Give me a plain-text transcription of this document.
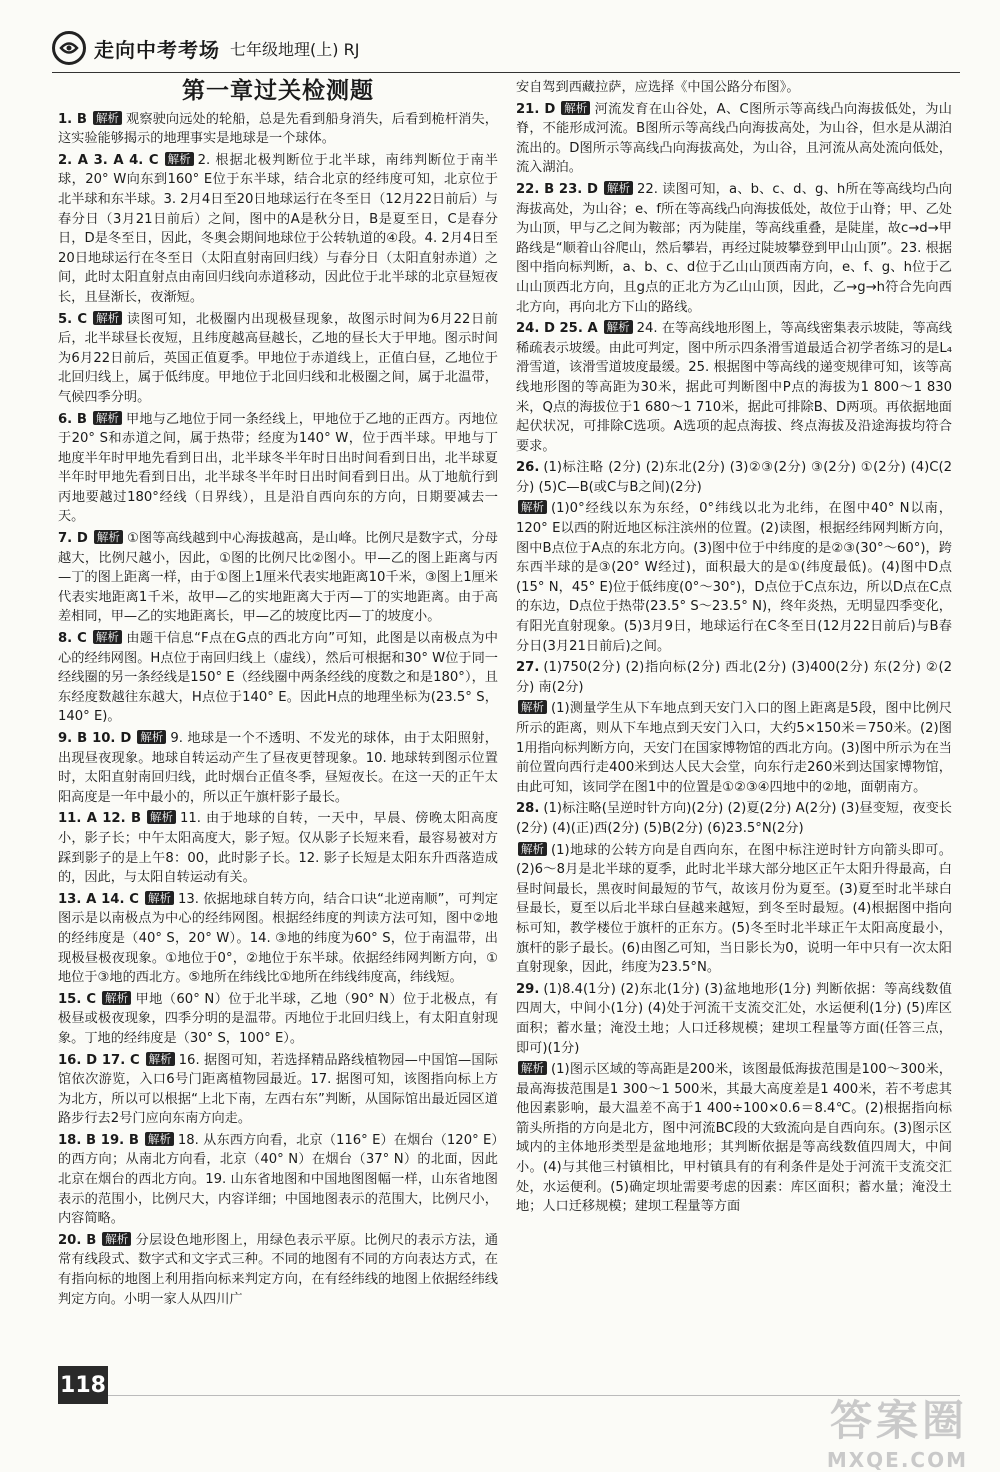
走向中考考场 七年级地理(上) RJ
第一章过关检测题
1. B 解析 观察驶向远处的轮船，总是先看到船身消失，后看到桅杆消失，这实验能够揭示的地理事实是地球是一个球体。
2. A 3. A 4. C 解析 2. 根据北极判断位于北半球，南纬判断位于南半球，20° W向东到160° E位于东半球，结合北京的经纬度可知，北京位于北半球和东半球。3. 2月4日至20日地球运行在冬至日（12月22日前后）与春分日（3月21日前后）之间，图中的A是秋分日，B是夏至日，C是春分日，D是冬至日，因此，冬奥会期间地球位于公转轨道的④段。4. 2月4日至20日地球运行在冬至日（太阳直射南回归线）与春分日（太阳直射赤道）之间，此时太阳直射点由南回归线向赤道移动，因此位于北半球的北京昼短夜长，且昼渐长，夜渐短。
5. C 解析 读图可知，北极圈内出现极昼现象，故图示时间为6月22日前后，北半球昼长夜短，且纬度越高昼越长，乙地的昼长大于甲地。图示时间为6月22日前后，英国正值夏季。甲地位于赤道线上，正值白昼，乙地位于北回归线上，属于低纬度。甲地位于北回归线和北极圈之间，属于北温带，气候四季分明。
6. B 解析 甲地与乙地位于同一条经线上，甲地位于乙地的正西方。丙地位于20° S和赤道之间，属于热带；经度为140° W，位于西半球。甲地与丁地度半年时甲地先看到日出，北半球冬半年时日出时间看到日出，北半球夏半年时甲地先看到日出，北半球冬半年时日出时间看到日出。从丁地航行到丙地要越过180°经线（日界线），且是沿自西向东的方向，日期要减去一天。
7. D 解析 ①图等高线越到中心海拔越高，是山峰。比例尺是数字式，分母越大，比例尺越小，因此，①图的比例尺比②图小。甲—乙的图上距离与丙—丁的图上距离一样，由于①图上1厘米代表实地距离10千米，③图上1厘米代表实地距离1千米，故甲—乙的实地距离大于丙—丁的实地距离。由于高差相同，甲—乙的实地距离长，甲—乙的坡度比丙—丁的坡度小。
8. C 解析 由题干信息“F点在G点的西北方向”可知，此图是以南极点为中心的经纬网图。H点位于南回归线上（虚线），然后可根据和30° W位于同一经线圈的另一条经线是150° E（经线圈中两条经线的度数之和是180°），且东经度数越往东越大，H点位于140° E。因此H点的地理坐标为(23.5° S，140° E)。
9. B 10. D 解析 9. 地球是一个不透明、不发光的球体，由于太阳照射，出现昼夜现象。地球自转运动产生了昼夜更替现象。10. 地球转到图示位置时，太阳直射南回归线，此时烟台正值冬季，昼短夜长。在这一天的正午太阳高度是一年中最小的，所以正午旗杆影子最长。
11. A 12. B 解析 11. 由于地球的自转，一天中，早晨、傍晚太阳高度小，影子长；中午太阳高度大，影子短。仅从影子长短来看，最容易被对方踩到影子的是上午8：00，此时影子长。12. 影子长短是太阳东升西落造成的，因此，与太阳自转运动有关。
13. A 14. C 解析 13. 依据地球自转方向，结合口诀“北逆南顺”，可判定图示是以南极点为中心的经纬网图。根据经纬度的判读方法可知，图中②地的经纬度是（40° S，20° W）。14. ③地的纬度为60° S，位于南温带，出现极昼极夜现象。①地位于0°，②地位于东半球。依据经纬网判断方向，①地位于③地的西北方。⑤地所在纬线比①地所在纬线纬度高，纬线短。
15. C 解析 甲地（60° N）位于北半球，乙地（90° N）位于北极点，有极昼或极夜现象，四季分明的是温带。丙地位于北回归线上，有太阳直射现象。丁地的经纬度是（30° S，100° E）。
16. D 17. C 解析 16. 据图可知，若选择精品路线植物园—中国馆—国际馆依次游览，入口6号门距离植物园最近。17. 据图可知，该图指向标上方为北方，所以可以根据“上北下南，左西右东”判断，从国际馆出最近园区道路步行去2号门应向东南方向走。
18. B 19. B 解析 18. 从东西方向看，北京（116° E）在烟台（120° E）的西方向；从南北方向看，北京（40° N）在烟台（37° N）的北面，因此北京在烟台的西北方向。19. 山东省地图和中国地图图幅一样，山东省地图表示的范围小，比例尺大，内容详细；中国地图表示的范围大，比例尺小，内容简略。
20. B 解析 分层设色地形图上，用绿色表示平原。比例尺的表示方法，通常有线段式、数字式和文字式三种。不同的地图有不同的方向表达方式，在有指向标的地图上利用指向标来判定方向，在有经纬线的地图上依据经纬线判定方向。小明一家人从四川广
安自驾到西藏拉萨，应选择《中国公路分布图》。
21. D 解析 河流发育在山谷处，A、C图所示等高线凸向海拔低处，为山脊，不能形成河流。B图所示等高线凸向海拔高处，为山谷，但水是从湖泊流出的。D图所示等高线凸向海拔高处，为山谷，且河流从高处流向低处，流入湖泊。
22. B 23. D 解析 22. 读图可知，a、b、c、d、g、h所在等高线均凸向海拔高处，为山谷；e、f所在等高线凸向海拔低处，故位于山脊；甲、乙处为山顶，甲与乙之间为鞍部；丙为陡崖，等高线重叠，是陡崖，故c→d→甲路线是“顺着山谷爬山，然后攀岩，再经过陡坡攀登到甲山山顶”。23. 根据图中指向标判断，a、b、c、d位于乙山山顶西南方向，e、f、g、h位于乙山山顶西北方向，且g点的正北方为乙山山顶，因此，乙→g→h符合先向西北方向，再向北方下山的路线。
24. D 25. A 解析 24. 在等高线地形图上，等高线密集表示坡陡，等高线稀疏表示坡缓。由此可判定，图中所示四条滑雪道最适合初学者练习的是L₄滑雪道，该滑雪道坡度最缓。25. 根据图中等高线的递变规律可知，该等高线地形图的等高距为30米，据此可判断图中P点的海拔为1 800～1 830米，Q点的海拔位于1 680～1 710米，据此可排除B、D两项。再依据地面起伏状况，可排除C选项。A选项的起点海拔、终点海拔及沿途海拔均符合要求。
26. (1)标注略 (2分) (2)东北(2分) (3)②③(2分) ③(2分) ①(2分) (4)C(2分) (5)C—B(或C与B之间)(2分)
解析 (1)0°经线以东为东经，0°纬线以北为北纬，在图中40° N以南，120° E以西的附近地区标注滨州的位置。(2)读图，根据经纬网判断方向，图中B点位于A点的东北方向。(3)图中位于中纬度的是②③(30°～60°)，跨东西半球的是③(20° W经过)，面积最大的是①(纬度最低)。(4)图中D点(15° N，45° E)位于低纬度(0°～30°)，D点位于C点东边，所以D点在C点的东边，D点位于热带(23.5° S～23.5° N)，终年炎热，无明显四季变化，有阳光直射现象。(5)3月9日，地球运行在C冬至日(12月22日前后)与B春分日(3月21日前后)之间。
27. (1)750(2分) (2)指向标(2分) 西北(2分) (3)400(2分) 东(2分) ②(2分) 南(2分)
解析 (1)测量学生从下车地点到天安门入口的图上距离是5段，图中比例尺所示的距离，则从下车地点到天安门入口，大约5×150米＝750米。(2)图1用指向标判断方向，天安门在国家博物馆的西北方向。(3)图中所示为在当前位置向西行走400米到达人民大会堂，向东行走260米到达国家博物馆，由此可知，该同学在图1中的位置是①②③④四地中的②地，面朝南方。
28. (1)标注略(呈逆时针方向)(2分) (2)夏(2分) A(2分) (3)昼变短，夜变长(2分) (4)(正)西(2分) (5)B(2分) (6)23.5°N(2分)
解析 (1)地球的公转方向是自西向东，在图中标注逆时针方向箭头即可。(2)6～8月是北半球的夏季，此时北半球大部分地区正午太阳升得最高，白昼时间最长，黑夜时间最短的节气，故该月份为夏至。(3)夏至时北半球白昼最长，夏至以后北半球白昼越来越短，到冬至时最短。(4)根据图中指向标可知，教学楼位于旗杆的正东方。(5)冬至时北半球正午太阳高度最小，旗杆的影子最长。(6)由图乙可知，当日影长为0，说明一年中只有一次太阳直射现象，因此，纬度为23.5°N。
29. (1)8.4(1分) (2)东北(1分) (3)盆地地形(1分) 判断依据：等高线数值四周大，中间小(1分) (4)处于河流干支流交汇处，水运便利(1分) (5)库区面积；蓄水量；淹没土地；人口迁移规模；建坝工程量等方面(任答三点，即可)(1分)
解析 (1)图示区域的等高距是200米，该图最低海拔范围是100～300米，最高海拔范围是1 300～1 500米，其最大高度差是1 400米，若不考虑其他因素影响，最大温差不高于1 400÷100×0.6＝8.4℃。(2)根据指向标箭头所指的方向是北方，图中河流BC段的大致流向是自西向东。(3)图示区域内的主体地形类型是盆地地形；其判断依据是等高线数值四周大，中间小。(4)与其他三村镇相比，甲村镇具有的有利条件是处于河流干支流交汇处，水运便利。(5)确定坝址需要考虑的因素：库区面积；蓄水量；淹没土地；人口迁移规模；建坝工程量等方面
118
答案圈
MXQE.COM
